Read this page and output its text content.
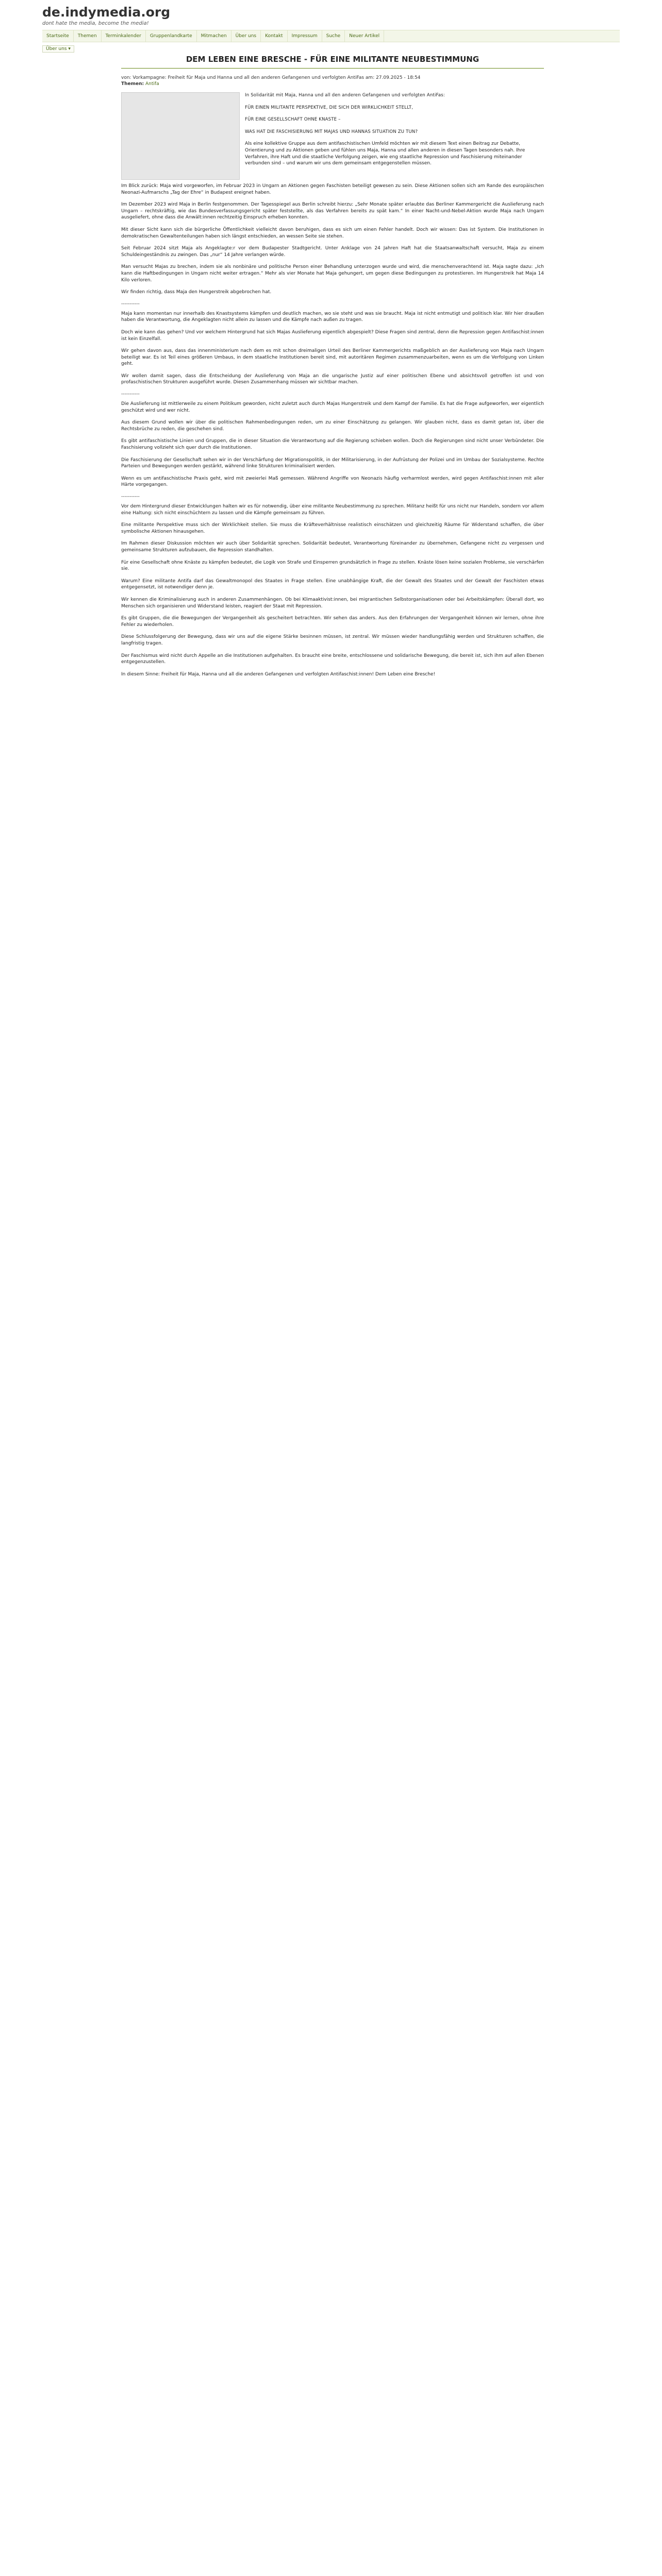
de.indymedia.org
dont hate the media, become the media!
Startseite	Themen	Terminkalender	Gruppenlandkarte	Mitmachen	Über uns	Kontakt	Impressum	Suche	Neuer Artikel
Über uns ▾
DEM LEBEN EINE BRESCHE - FÜR EINE MILITANTE NEUBESTIMMUNG
von: Vorkampagne: Freiheit für Maja und Hanna und all den anderen Gefangenen und verfolgten AntiFas am: 27.09.2025 - 18:54
Themen: Antifa

In Solidarität mit Maja, Hanna und all den anderen Gefangenen und verfolgten AntiFas:

FÜR EINEN MILITANTE PERSPEKTIVE, DIE SICH DER WIRKLICHKEIT STELLT,

FÜR EINE GESELLSCHAFT OHNE KNASTE –

WAS HAT DIE FASCHISIERUNG MIT MAJAS UND HANNAS SITUATION ZU TUN?

Als eine kollektive Gruppe aus dem antifaschistischen Umfeld möchten wir mit diesem Text einen Beitrag zur Debatte, Orientierung und zu Aktionen geben und fühlen uns Maja, Hanna und allen anderen in diesen Tagen besonders nah. Ihre Verfahren, ihre Haft und die staatliche Verfolgung zeigen, wie eng staatliche Repression und Faschisierung miteinander verbunden sind – und warum wir uns dem gemeinsam entgegenstellen müssen.

Im Blick zurück: Maja wird vorgeworfen, im Februar 2023 in Ungarn an Aktionen gegen Faschisten beteiligt gewesen zu sein. Diese Aktionen sollen sich am Rande des europäischen Neonazi-Aufmarschs „Tag der Ehre“ in Budapest ereignet haben.

Im Dezember 2023 wird Maja in Berlin festgenommen. Der Tagesspiegel aus Berlin schreibt hierzu: „Sehr Monate später erlaubte das Berliner Kammergericht die Auslieferung nach Ungarn – rechtskräftig, wie das Bundesverfassungsgericht später feststellte, als das Verfahren bereits zu spät kam.“ In einer Nacht-und-Nebel-Aktion wurde Maja nach Ungarn ausgeliefert, ohne dass die Anwält:innen rechtzeitig Einspruch erheben konnten.

Mit dieser Sicht kann sich die bürgerliche Öffentlichkeit vielleicht davon beruhigen, dass es sich um einen Fehler handelt. Doch wir wissen: Das ist System. Die Institutionen in demokratischen Gewaltenteilungen haben sich längst entschieden, an wessen Seite sie stehen.

Seit Februar 2024 sitzt Maja als Angeklagte:r vor dem Budapester Stadtgericht. Unter Anklage von 24 Jahren Haft hat die Staatsanwaltschaft versucht, Maja zu einem Schuldeingeständnis zu zwingen. Das „nur“ 14 Jahre verlangen würde.

Man versucht Majas zu brechen, indem sie als nonbinäre und politische Person einer Behandlung unterzogen wurde und wird, die menschenverachtend ist. Maja sagte dazu: „Ich kann die Haftbedingungen in Ungarn nicht weiter ertragen.“ Mehr als vier Monate hat Maja gehungert, um gegen diese Bedingungen zu protestieren. Im Hungerstreik hat Maja 14 Kilo verloren.

Wir finden richtig, dass Maja den Hungerstreik abgebrochen hat.

-----------

Maja kann momentan nur innerhalb des Knastsystems kämpfen und deutlich machen, wo sie steht und was sie braucht. Maja ist nicht entmutigt und politisch klar. Wir hier draußen haben die Verantwortung, die Angeklagten nicht allein zu lassen und die Kämpfe nach außen zu tragen.

Doch wie kann das gehen? Und vor welchem Hintergrund hat sich Majas Auslieferung eigentlich abgespielt? Diese Fragen sind zentral, denn die Repression gegen Antifaschist:innen ist kein Einzelfall.

Wir gehen davon aus, dass das innenministerium nach dem es mit schon dreimaligen Urteil des Berliner Kammergerichts maßgeblich an der Auslieferung von Maja nach Ungarn beteiligt war. Es ist Teil eines größeren Umbaus, in dem staatliche Institutionen bereit sind, mit autoritären Regimen zusammenzuarbeiten, wenn es um die Verfolgung von Linken geht.

Wir wollen damit sagen, dass die Entscheidung der Auslieferung von Maja an die ungarische Justiz auf einer politischen Ebene und absichtsvoll getroffen ist und von profaschistischen Strukturen ausgeführt wurde. Diesen Zusammenhang müssen wir sichtbar machen.

-----------

Die Auslieferung ist mittlerweile zu einem Politikum geworden, nicht zuletzt auch durch Majas Hungerstreik und dem Kampf der Familie. Es hat die Frage aufgeworfen, wer eigentlich geschützt wird und wer nicht.

Aus diesem Grund wollen wir über die politischen Rahmenbedingungen reden, um zu einer Einschätzung zu gelangen. Wir glauben nicht, dass es damit getan ist, über die Rechtsbrüche zu reden, die geschehen sind.

Es gibt antifaschistische Linien und Gruppen, die in dieser Situation die Verantwortung auf die Regierung schieben wollen. Doch die Regierungen sind nicht unser Verbündeter. Die Faschisierung vollzieht sich quer durch die Institutionen.

Die Faschisierung der Gesellschaft sehen wir in der Verschärfung der Migrationspolitik, in der Militarisierung, in der Aufrüstung der Polizei und im Umbau der Sozialsysteme. Rechte Parteien und Bewegungen werden gestärkt, während linke Strukturen kriminalisiert werden.

Wenn es um antifaschistische Praxis geht, wird mit zweierlei Maß gemessen. Während Angriffe von Neonazis häufig verharmlost werden, wird gegen Antifaschist:innen mit aller Härte vorgegangen.

-----------

Vor dem Hintergrund dieser Entwicklungen halten wir es für notwendig, über eine militante Neubestimmung zu sprechen. Militanz heißt für uns nicht nur Handeln, sondern vor allem eine Haltung: sich nicht einschüchtern zu lassen und die Kämpfe gemeinsam zu führen.

Eine militante Perspektive muss sich der Wirklichkeit stellen. Sie muss die Kräfteverhältnisse realistisch einschätzen und gleichzeitig Räume für Widerstand schaffen, die über symbolische Aktionen hinausgehen.

Im Rahmen dieser Diskussion möchten wir auch über Solidarität sprechen. Solidarität bedeutet, Verantwortung füreinander zu übernehmen, Gefangene nicht zu vergessen und gemeinsame Strukturen aufzubauen, die Repression standhalten.

Für eine Gesellschaft ohne Knäste zu kämpfen bedeutet, die Logik von Strafe und Einsperren grundsätzlich in Frage zu stellen. Knäste lösen keine sozialen Probleme, sie verschärfen sie.

Warum? Eine militante Antifa darf das Gewaltmonopol des Staates in Frage stellen. Eine unabhängige Kraft, die der Gewalt des Staates und der Gewalt der Faschisten etwas entgegensetzt, ist notwendiger denn je.

Wir kennen die Kriminalisierung auch in anderen Zusammenhängen. Ob bei Klimaaktivist:innen, bei migrantischen Selbstorganisationen oder bei Arbeitskämpfen: Überall dort, wo Menschen sich organisieren und Widerstand leisten, reagiert der Staat mit Repression.

Es gibt Gruppen, die die Bewegungen der Vergangenheit als gescheitert betrachten. Wir sehen das anders. Aus den Erfahrungen der Vergangenheit können wir lernen, ohne ihre Fehler zu wiederholen.

Diese Schlussfolgerung der Bewegung, dass wir uns auf die eigene Stärke besinnen müssen, ist zentral. Wir müssen wieder handlungsfähig werden und Strukturen schaffen, die langfristig tragen.

Der Faschismus wird nicht durch Appelle an die Institutionen aufgehalten. Es braucht eine breite, entschlossene und solidarische Bewegung, die bereit ist, sich ihm auf allen Ebenen entgegenzustellen.

In diesem Sinne: Freiheit für Maja, Hanna und all die anderen Gefangenen und verfolgten Antifaschist:innen! Dem Leben eine Bresche!
